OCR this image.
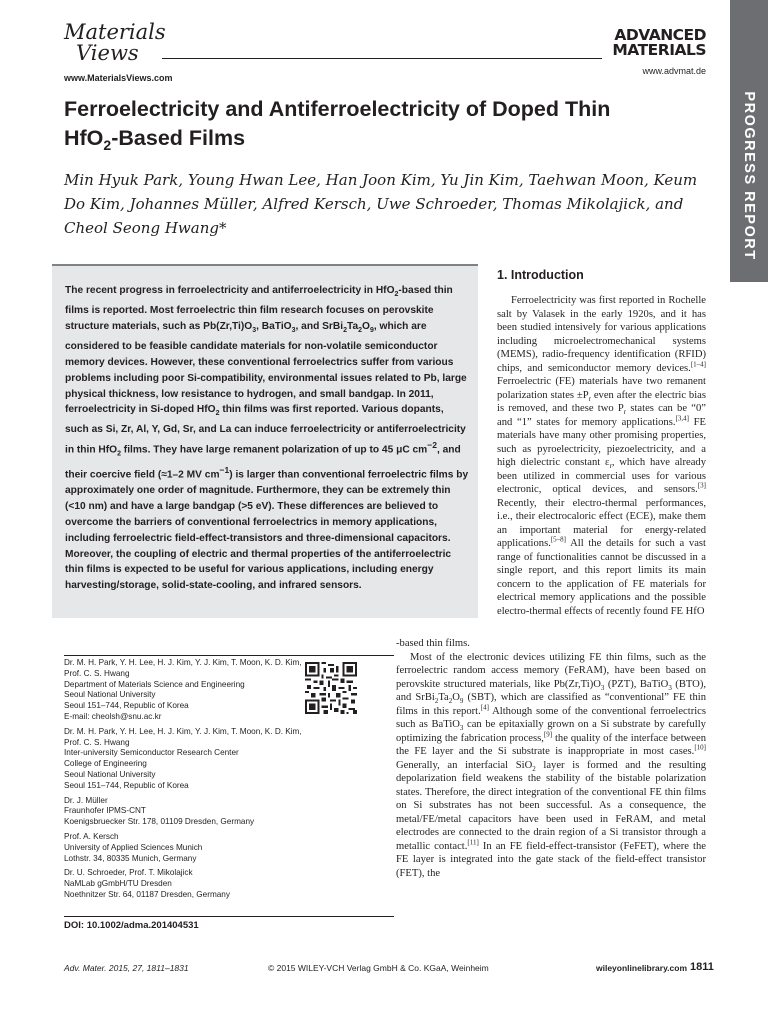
Materials
Views
www.MaterialsViews.com
ADVANCED
MATERIALS
www.advmat.de
PROGRESS REPORT
Ferroelectricity and Antiferroelectricity of Doped Thin
HfO$_2$-Based Films
Min Hyuk Park, Young Hwan Lee, Han Joon Kim, Yu Jin Kim, Taehwan Moon, Keum Do Kim, Johannes Müller, Alfred Kersch, Uwe Schroeder, Thomas Mikolajick, and Cheol Seong Hwang*
The recent progress in ferroelectricity and antiferroelectricity in HfO$_2$-based thin films is reported. Most ferroelectric thin film research focuses on perovskite structure materials, such as $Pb(Zr,Ti)O_3$, BaTiO$_3$, and $SrBi_2Ta_2O_9$, which are considered to be feasible candidate materials for non-volatile semiconductor memory devices. However, these conventional ferroelectrics suffer from various problems including poor Si-compatibility, environmental issues related to Pb, large physical thickness, low resistance to hydrogen, and small bandgap. In 2011, ferroelectricity in Si-doped HfO$_2$ thin films was first reported. Various dopants, such as Si, Zr, Al, Y, Gd, Sr, and La can induce ferroelectricity or antiferroelectricity in thin HfO$_2$ films. They have large remanent polarization of up to 45 μC $cm^{-2}$, and their coercive field (≈1–2 MV $cm^{-1}$) is larger than conventional ferroelectric films by approximately one order of magnitude. Furthermore, they can be extremely thin (<10 nm) and have a large bandgap (>5 eV). These differences are believed to overcome the barriers of conventional ferroelectrics in memory applications, including ferroelectric field-effect-transistors and three-dimensional capacitors. Moreover, the coupling of electric and thermal properties of the antiferroelectric thin films is expected to be useful for various applications, including energy harvesting/storage, solid-state-cooling, and infrared sensors.
1. Introduction

Ferroelectricity was first reported in Rochelle salt by Valasek in the early 1920s, and it has been studied intensively for various applications including microelectromechanical systems (MEMS), radio-frequency identification (RFID) chips, and semiconductor memory devices.[1–4] Ferroelectric (FE) materials have two remanent polarization states $\pm P_r$ even after the electric bias is removed, and these two $P_r$ states can be “0” and “1” states for memory applications.[3,4] FE materials have many other promising properties, such as pyroelectricity, piezoelectricity, and a high dielectric constant $\varepsilon_r$, which have already been utilized in commercial uses for various electronic, optical devices, and sensors.[3] Recently, their electro-thermal performances, i.e., their electrocaloric effect (ECE), make them an important material for energy-related applications.[5–8] All the details for such a vast range of functionalities cannot be discussed in a single report, and this report limits its main concern to the application of FE materials for electrical memory applications and the possible electro-thermal effects of recently found FE HfO

-based thin films.

Most of the electronic devices utilizing FE thin films, such as the ferroelectric random access memory (FeRAM), have been based on perovskite structured materials, like $Pb(Zr,Ti)O_3$ (PZT), BaTiO$_3$ (BTO), and $SrBi_2Ta_2O_9$ (SBT), which are classified as “conventional” FE thin films in this report.[4] Although some of the conventional ferroelectrics such as BaTiO$_3$ can be epitaxially grown on a Si substrate by carefully optimizing the fabrication process,[9] the quality of the interface between the FE layer and the Si substrate is inappropriate in most cases.[10] Generally, an interfacial SiO$_2$ layer is formed and the resulting depolarization field weakens the stability of the bistable polarization states. Therefore, the direct integration of the conventional FE thin films on Si substrates has not been successful. As a consequence, the metal/FE/metal capacitors have been used in FeRAM, and metal electrodes are connected to the drain region of a Si transistor through a metallic contact.[11] In an FE field-effect-transistor (FeFET), where the FE layer is integrated into the gate stack of the field-effect transistor (FET), the

Dr. M. H. Park, Y. H. Lee, H. J. Kim, Y. J. Kim, T. Moon, K. D. Kim, Prof. C. S. Hwang
Department of Materials Science and Engineering
Seoul National University
Seoul 151–744, Republic of Korea
E-mail: cheolsh@snu.ac.kr
Dr. M. H. Park, Y. H. Lee, H. J. Kim, Y. J. Kim, T. Moon, K. D. Kim, Prof. C. S. Hwang
Inter-university Semiconductor Research Center
College of Engineering
Seoul National University
Seoul 151–744, Republic of Korea
Dr. J. Müller
Fraunhofer IPMS-CNT
Koenigsbruecker Str. 178, 01109 Dresden, Germany
Prof. A. Kersch
University of Applied Sciences Munich
Lothstr. 34, 80335 Munich, Germany
Dr. U. Schroeder, Prof. T. Mikolajick
NaMLab gGmbH/TU Dresden
Noethnitzer Str. 64, 01187 Dresden, Germany
DOI: 10.1002/adma.201404531
Adv. Mater. 2015, 27, 1811–1831	© 2015 WILEY-VCH Verlag GmbH & Co. KGaA, Weinheim	wileyonlinelibrary.com 1811
